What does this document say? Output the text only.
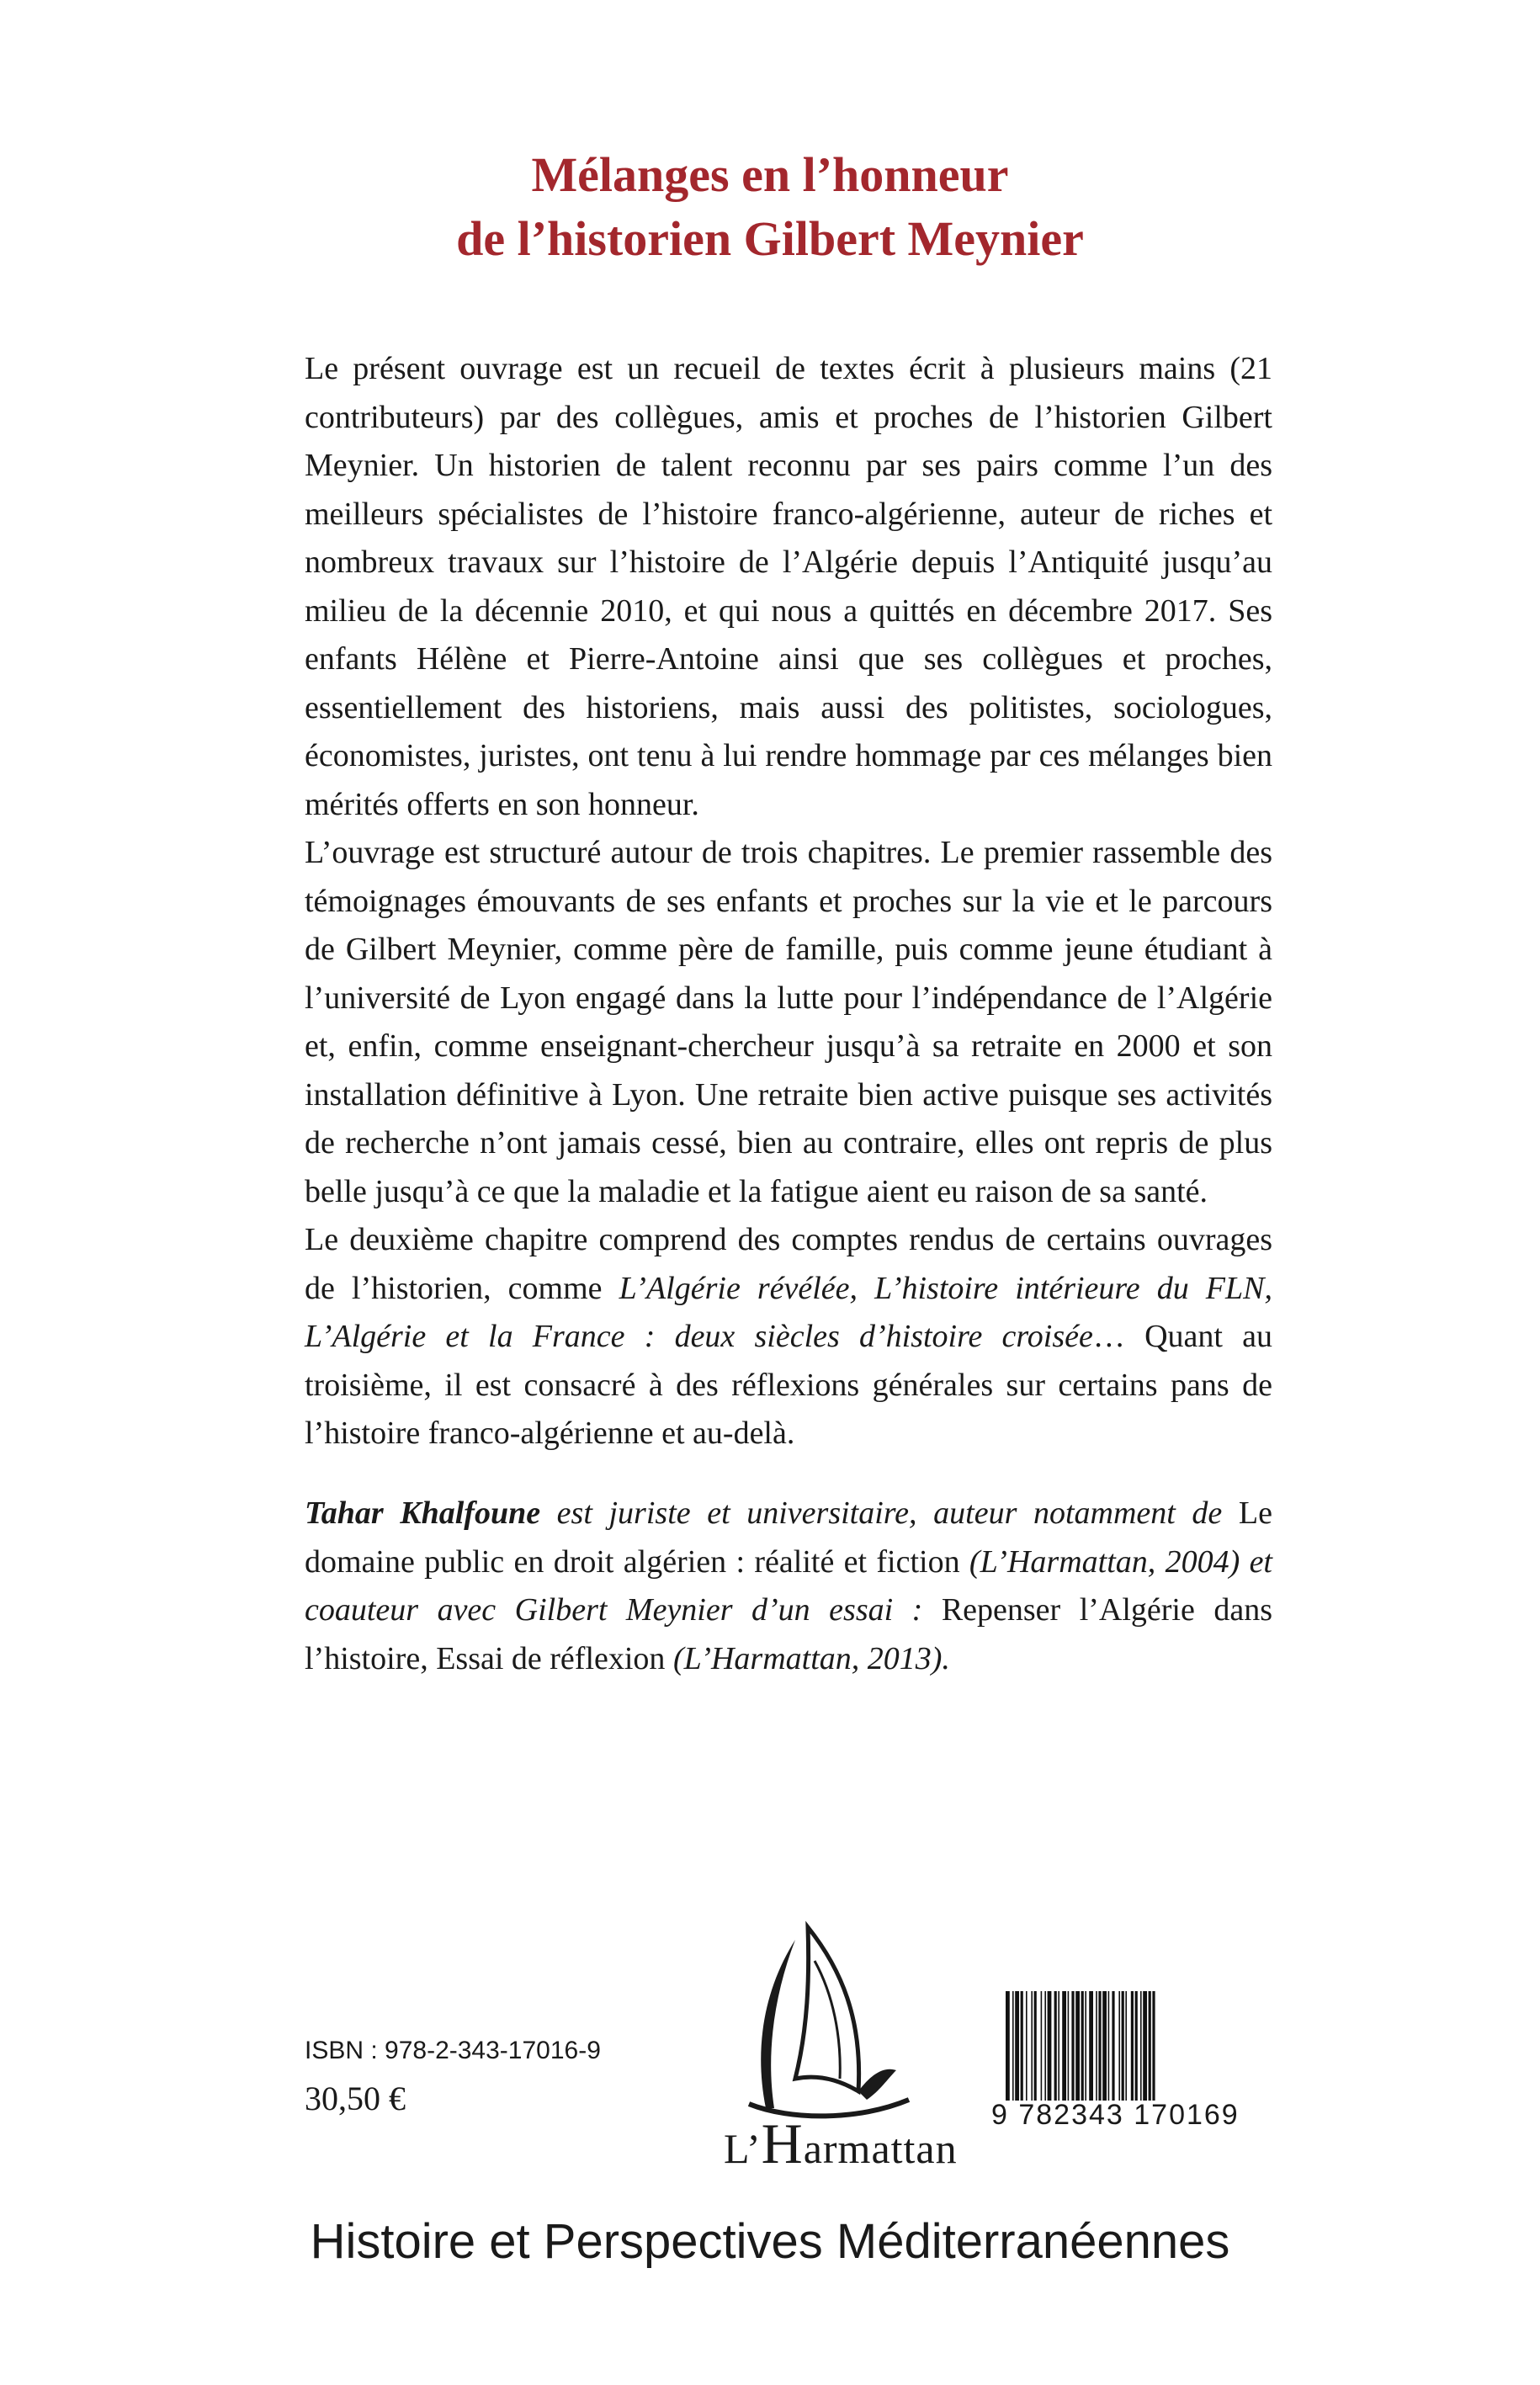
Mélanges en l’honneur
de l’historien Gilbert Meynier

Le présent ouvrage est un recueil de textes écrit à plusieurs mains (21 contributeurs) par des collègues, amis et proches de l’historien Gilbert Meynier. Un historien de talent reconnu par ses pairs comme l’un des meilleurs spécialistes de l’histoire franco-algérienne, auteur de riches et nombreux travaux sur l’histoire de l’Algérie depuis l’Antiquité jusqu’au milieu de la décennie 2010, et qui nous a quittés en décembre 2017. Ses enfants Hélène et Pierre-Antoine ainsi que ses collègues et proches, essentiellement des historiens, mais aussi des politistes, sociologues, économistes, juristes, ont tenu à lui rendre hommage par ces mélanges bien mérités offerts en son honneur.

L’ouvrage est structuré autour de trois chapitres. Le premier rassemble des témoignages émouvants de ses enfants et proches sur la vie et le parcours de Gilbert Meynier, comme père de famille, puis comme jeune étudiant à l’université de Lyon engagé dans la lutte pour l’indépendance de l’Algérie et, enfin, comme enseignant-chercheur jusqu’à sa retraite en 2000 et son installation définitive à Lyon. Une retraite bien active puisque ses activités de recherche n’ont jamais cessé, bien au contraire, elles ont repris de plus belle jusqu’à ce que la maladie et la fatigue aient eu raison de sa santé.

Le deuxième chapitre comprend des comptes rendus de certains ouvrages de l’historien, comme L’Algérie révélée, L’histoire intérieure du FLN, L’Algérie et la France : deux siècles d’histoire croisée… Quant au troisième, il est consacré à des réflexions générales sur certains pans de l’histoire franco-algérienne et au-delà.

Tahar Khalfoune est juriste et universitaire, auteur notamment de Le domaine public en droit algérien : réalité et fiction (L’Harmattan, 2004) et coauteur avec Gilbert Meynier d’un essai : Repenser l’Algérie dans l’histoire, Essai de réflexion (L’Harmattan, 2013).

ISBN : 978-2-343-17016-9
30,50 €
L’Harmattan
9 782343 170169
Histoire et Perspectives Méditerranéennes
